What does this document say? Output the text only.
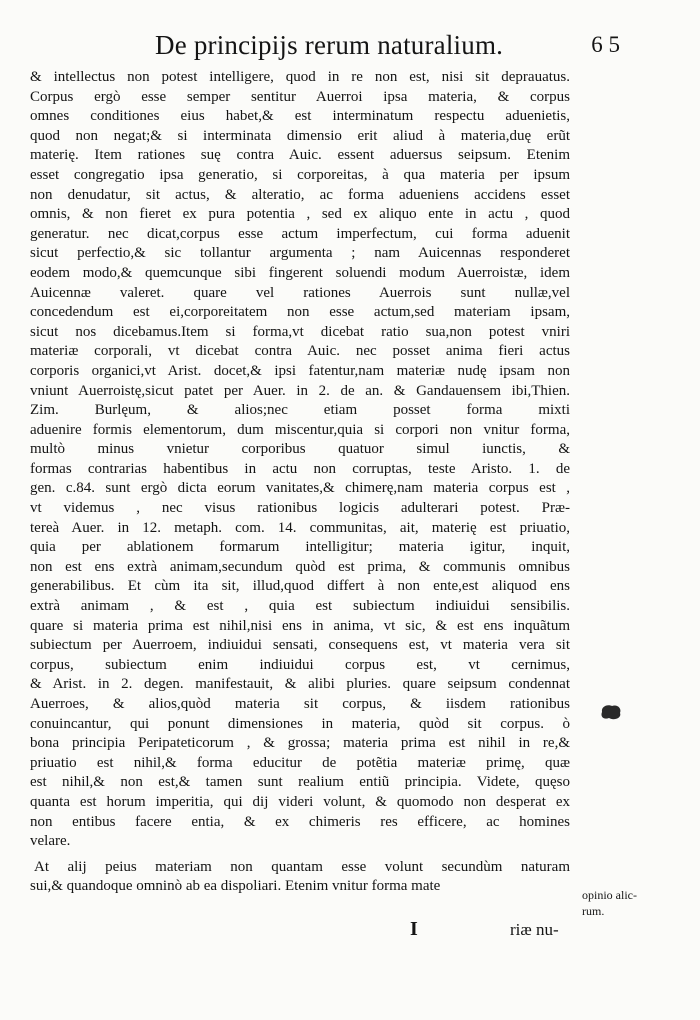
De principijs rerum naturalium.	6 5
& intellectus non potest intelligere, quod in re non est, nisi sit deprauatus.
Corpus ergò esse semper sentitur Auerroi ipsa materia, & corpus
omnes conditiones eius habet,& est interminatum respectu aduenietis,
quod non negat;& si interminata dimensio erit aliud à materia,duę erũt
materię. Item rationes suę contra Auic. essent aduersus seipsum. Etenim
esset congregatio ipsa generatio, si corporeitas, à qua materia per ipsum
non denudatur, sit actus, & alteratio, ac forma adueniens accidens esset
omnis, & non fieret ex pura potentia , sed ex aliquo ente in actu , quod
generatur. nec dicat,corpus esse actum imperfectum, cui forma aduenit
sicut perfectio,& sic tollantur argumenta ; nam Auicennas responderet
eodem modo,& quemcunque sibi fingerent soluendi modum Auerroistæ, idem
Auicennæ valeret. quare vel rationes Auerrois sunt nullæ,vel
concedendum est ei,corporeitatem non esse actum,sed materiam ipsam,
sicut nos dicebamus.Item si forma,vt dicebat ratio sua,non potest vniri
materiæ corporali, vt dicebat contra Auic. nec posset anima fieri actus
corporis organici,vt Arist. docet,& ipsi fatentur,nam materiæ nudę ipsam non
vniunt Auerroistę,sicut patet per Auer. in 2. de an. & Gandauensem ibi,Thien.
Zim. Burlęum, & alios;nec etiam posset forma mixti
aduenire formis elementorum, dum miscentur,quia si corpori non vnitur forma,
multò minus vnietur corporibus quatuor simul iunctis, &
formas contrarias habentibus in actu non corruptas, teste Aristo. 1. de
gen. c.84. sunt ergò dicta eorum vanitates,& chimerę,nam materia corpus est ,
vt videmus , nec visus rationibus logicis adulterari potest. Præ-
tereà Auer. in 12. metaph. com. 14. communitas, ait, materię est priuatio,
quia per ablationem formarum intelligitur; materia igitur, inquit,
non est ens extrà animam,secundum quòd est prima, & communis omnibus
generabilibus. Et cùm ita sit, illud,quod differt à non ente,est aliquod ens
extrà animam , & est , quia est subiectum indiuidui sensibilis.
quare si materia prima est nihil,nisi ens in anima, vt sic, & est ens inquãtum
subiectum per Auerroem, indiuidui sensati, consequens est, vt materia vera sit
corpus, subiectum enim indiuidui corpus est, vt cernimus,
& Arist. in 2. degen. manifestauit, & alibi pluries. quare seipsum condennat
Auerroes, & alios,quòd materia sit corpus, & iisdem rationibus
conuincantur, qui ponunt dimensiones in materia, quòd sit corpus. ò
bona principia Peripateticorum , & grossa; materia prima est nihil in re,&
priuatio est nihil,& forma educitur de potẽtia materiæ primę, quæ
est nihil,& non est,& tamen sunt realium entiũ principia. Videte, quęso
quanta est horum imperitia, qui dij videri volunt, & quomodo non desperat ex
non entibus facere entia, & ex chimeris res efficere, ac homines
velare.
At alij peius materiam non quantam esse volunt secundùm naturam
sui,& quandoque omninò ab ea dispoliari. Etenim vnitur forma mate
opinio alic-
rum.
I	riæ nu-
